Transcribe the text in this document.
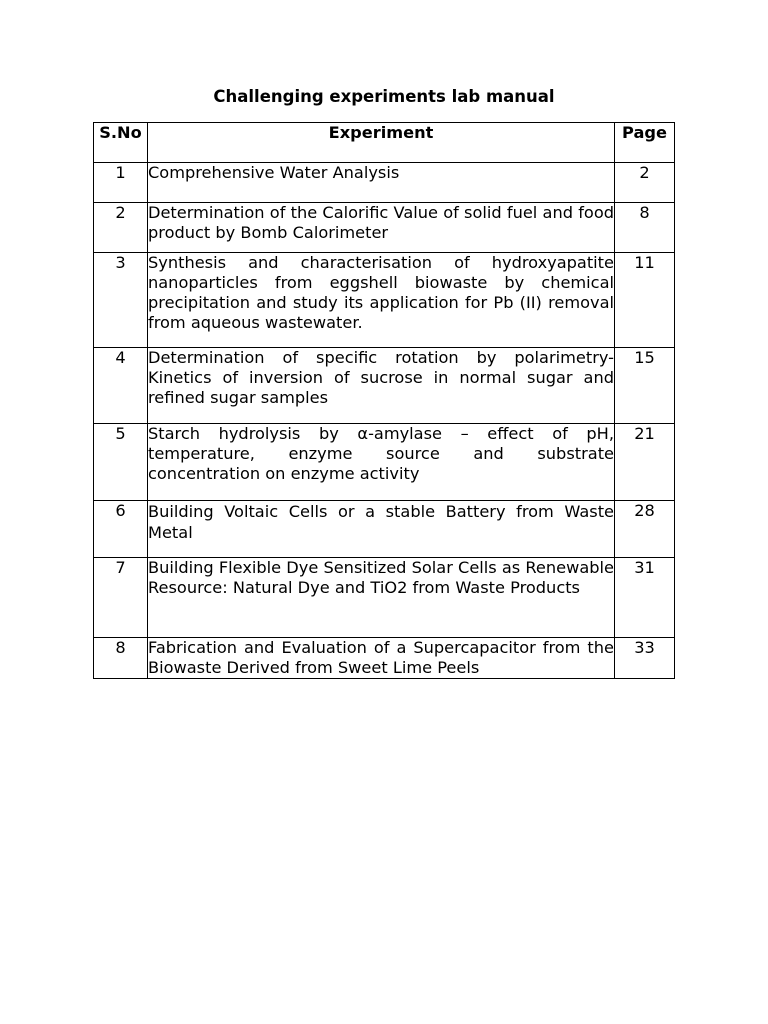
Challenging experiments lab manual
S.No	Experiment	Page
1	Comprehensive Water Analysis	2
2	Determination of the Calorific Value of solid fuel and food product by Bomb Calorimeter	8
3	Synthesis and characterisation of hydroxyapatite nanoparticles from eggshell biowaste by chemical precipitation and study its application for Pb (II) removal from aqueous wastewater.	11
4	Determination of specific rotation by polarimetry- Kinetics of inversion of sucrose in normal sugar and refined sugar samples	15
5	Starch hydrolysis by α-amylase – effect of pH, temperature, enzyme source and substrate concentration on enzyme activity	21
6	Building Voltaic Cells or a stable Battery from Waste Metal	28
7	Building Flexible Dye Sensitized Solar Cells as Renewable Resource: Natural Dye and TiO2 from Waste Products	31
8	Fabrication and Evaluation of a Supercapacitor from the Biowaste Derived from Sweet Lime Peels	33
